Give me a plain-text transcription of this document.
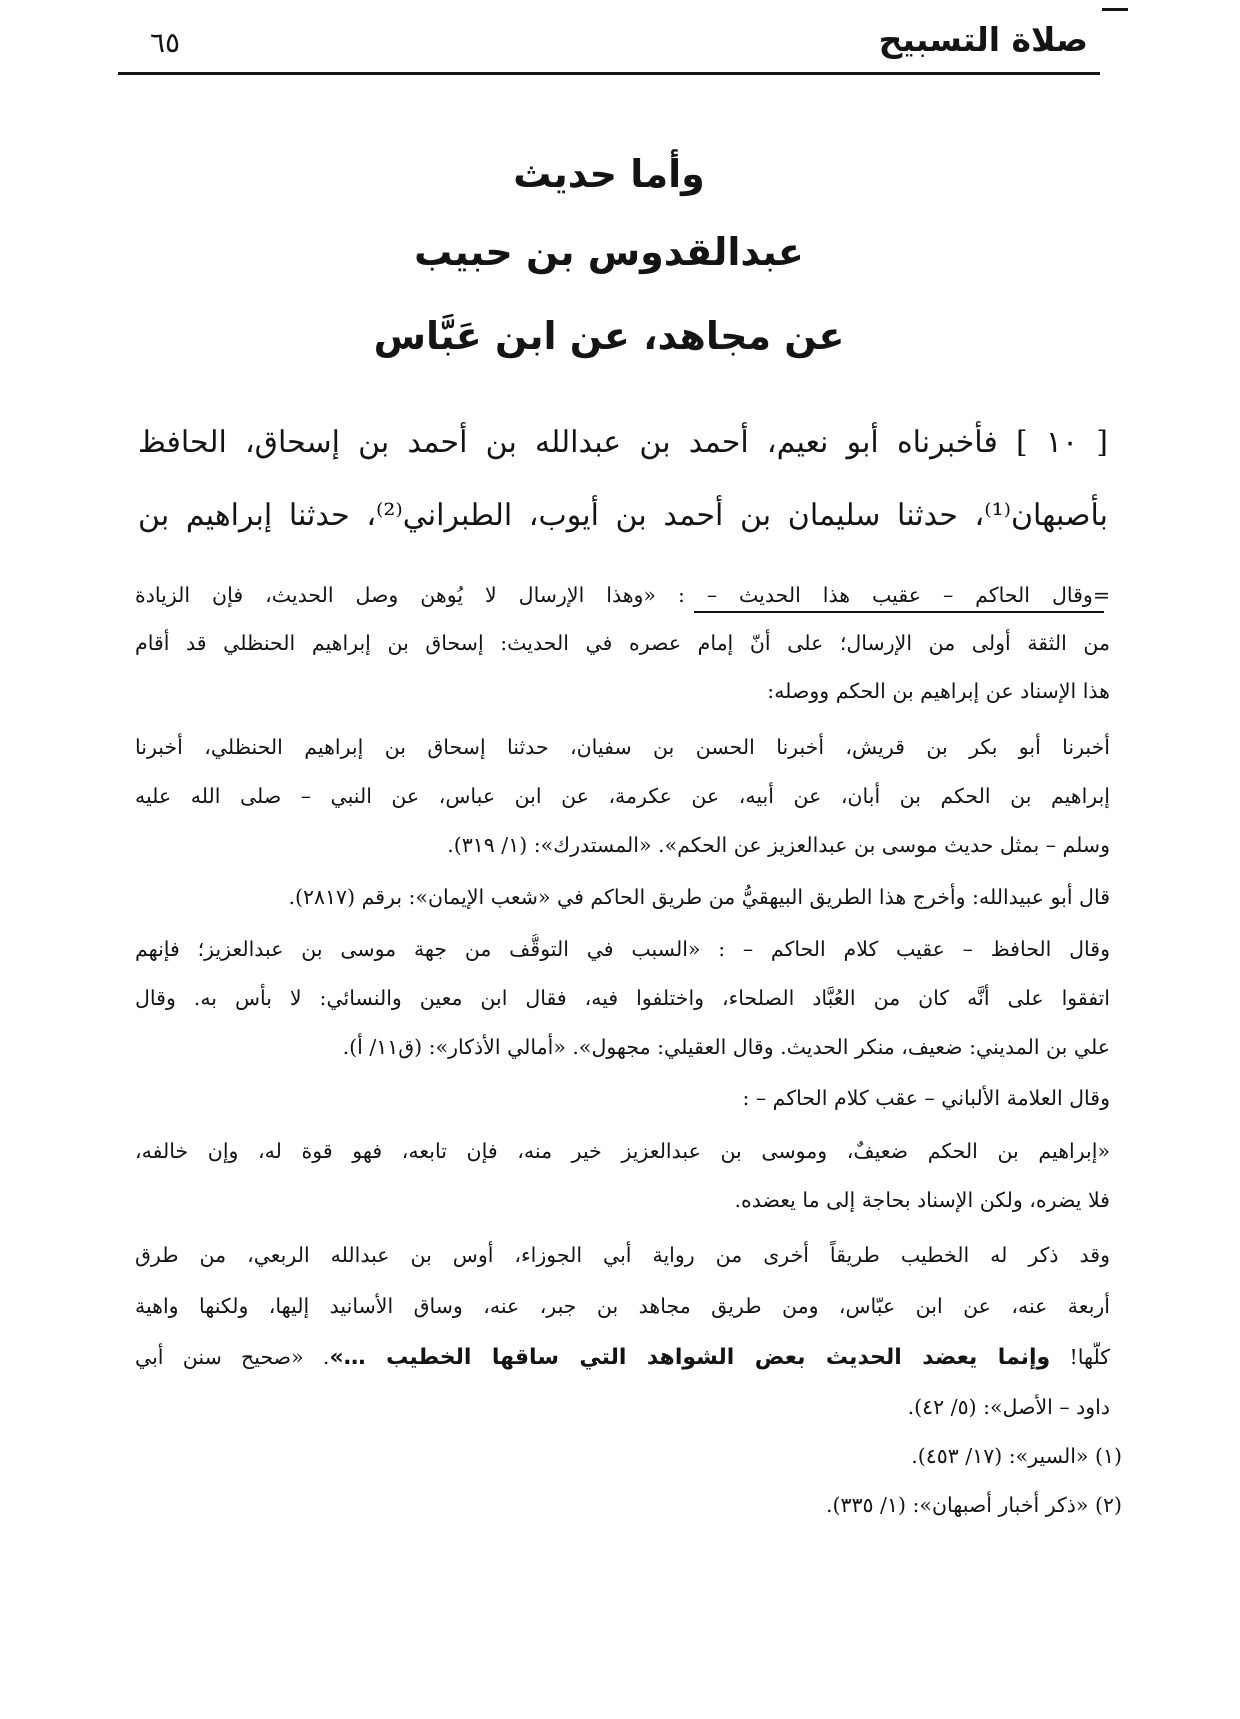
صلاة التسبيح
٦٥
وأما حديث
عبدالقدوس بن حبيب
عن مجاهد، عن ابن عَبَّاس
[ ١٠ ] فأخبرناه أبو نعيم، أحمد بن عبدالله بن أحمد بن إسحاق، الحافظ
بأصبهان⁽¹⁾، حدثنا سليمان بن أحمد بن أيوب، الطبراني⁽²⁾، حدثنا إبراهيم بن
=وقال الحاكم – عقيب هذا الحديث – : «وهذا الإرسال لا يُوهن وصل الحديث، فإن الزيادة
من الثقة أولى من الإرسال؛ على أنّ إمام عصره في الحديث: إسحاق بن إبراهيم الحنظلي قد أقام
هذا الإسناد عن إبراهيم بن الحكم ووصله:
أخبرنا أبو بكر بن قريش، أخبرنا الحسن بن سفيان، حدثنا إسحاق بن إبراهيم الحنظلي، أخبرنا
إبراهيم بن الحكم بن أبان، عن أبيه، عن عكرمة، عن ابن عباس، عن النبي – صلى الله عليه
وسلم – بمثل حديث موسى بن عبدالعزيز عن الحكم». «المستدرك»: (١/ ٣١٩).
قال أبو عبيدالله: وأخرج هذا الطريق البيهقيُّ من طريق الحاكم في «شعب الإيمان»: برقم (٢٨١٧).
وقال الحافظ – عقيب كلام الحاكم – : «السبب في التوقُّف من جهة موسى بن عبدالعزيز؛ فإنهم
اتفقوا على أنَّه كان من العُبَّاد الصلحاء، واختلفوا فيه، فقال ابن معين والنسائي: لا بأس به. وقال
علي بن المديني: ضعيف، منكر الحديث. وقال العقيلي: مجهول». «أمالي الأذكار»: (ق١١/ أ).
وقال العلامة الألباني – عقب كلام الحاكم – :
«إبراهيم بن الحكم ضعيفٌ، وموسى بن عبدالعزيز خير منه، فإن تابعه، فهو قوة له، وإن خالفه،
فلا يضره، ولكن الإسناد بحاجة إلى ما يعضده.
وقد ذكر له الخطيب طريقاً أخرى من رواية أبي الجوزاء، أوس بن عبدالله الربعي، من طرق
أربعة عنه، عن ابن عبّاس، ومن طريق مجاهد بن جبر، عنه، وساق الأسانيد إليها، ولكنها واهية
كلُّها! وإنما يعضد الحديث بعض الشواهد التي ساقها الخطيب …». «صحيح سنن أبي
داود – الأصل»: (٥/ ٤٢).
(١) «السير»: (١٧/ ٤٥٣).
(٢) «ذكر أخبار أصبهان»: (١/ ٣٣٥).
